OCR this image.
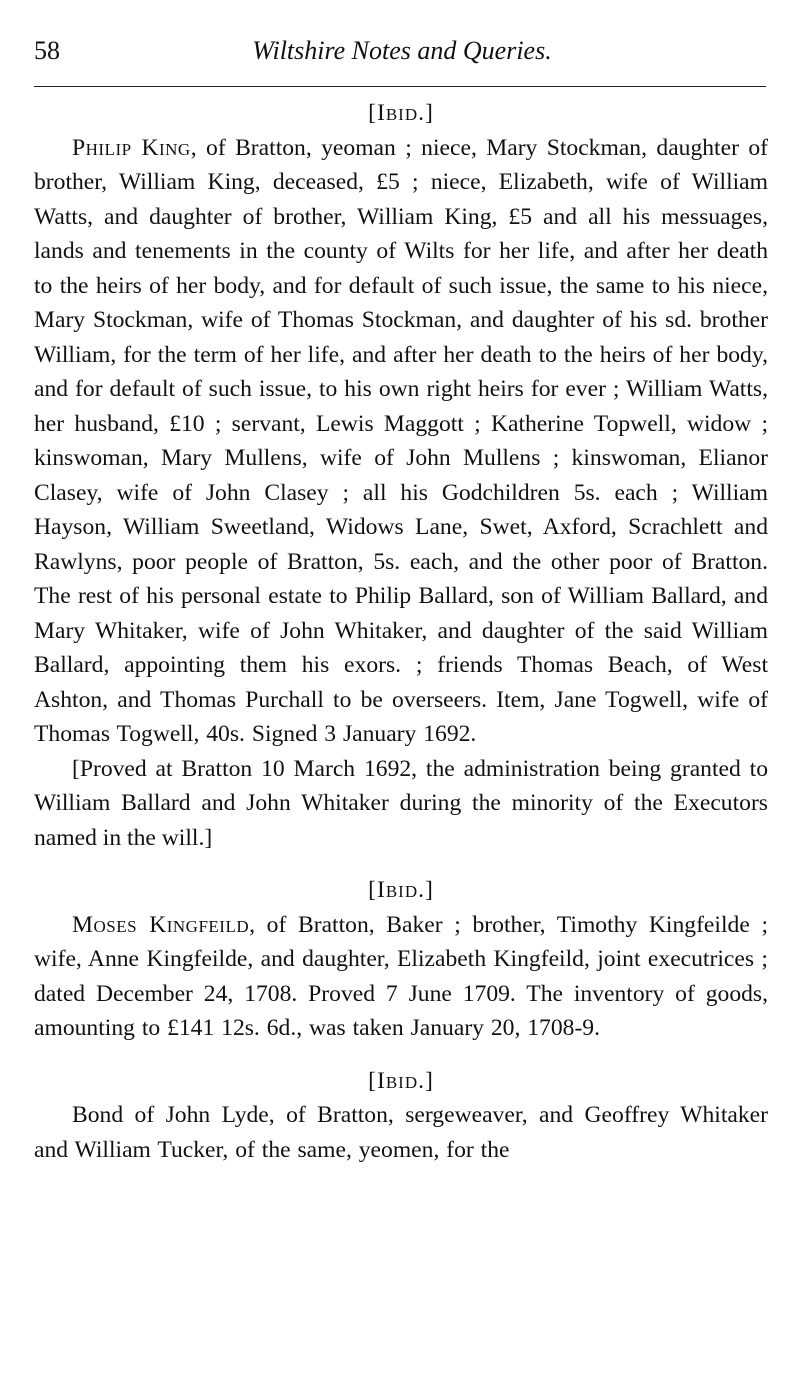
58	Wiltshire Notes and Queries.

[Ibid.]

Philip King, of Bratton, yeoman ; niece, Mary Stockman, daughter of brother, William King, deceased, £5 ; niece, Elizabeth, wife of William Watts, and daughter of brother, William King, £5 and all his messuages, lands and tenements in the county of Wilts for her life, and after her death to the heirs of her body, and for default of such issue, the same to his niece, Mary Stockman, wife of Thomas Stockman, and daughter of his sd. brother William, for the term of her life, and after her death to the heirs of her body, and for default of such issue, to his own right heirs for ever ; William Watts, her husband, £10 ; servant, Lewis Maggott ; Katherine Topwell, widow ; kinswoman, Mary Mullens, wife of John Mullens ; kinswoman, Elianor Clasey, wife of John Clasey ; all his Godchildren 5s. each ; William Hayson, William Sweetland, Widows Lane, Swet, Axford, Scrachlett and Rawlyns, poor people of Bratton, 5s. each, and the other poor of Bratton. The rest of his personal estate to Philip Ballard, son of William Ballard, and Mary Whitaker, wife of John Whitaker, and daughter of the said William Ballard, appointing them his exors. ; friends Thomas Beach, of West Ashton, and Thomas Purchall to be overseers. Item, Jane Togwell, wife of Thomas Togwell, 40s. Signed 3 January 1692.

[Proved at Bratton 10 March 1692, the administration being granted to William Ballard and John Whitaker during the minority of the Executors named in the will.]

[Ibid.]

Moses Kingfeild, of Bratton, Baker ; brother, Timothy Kingfeilde ; wife, Anne Kingfeilde, and daughter, Elizabeth Kingfeild, joint executrices ; dated December 24, 1708. Proved 7 June 1709. The inventory of goods, amounting to £141 12s. 6d., was taken January 20, 1708-9.

[Ibid.]

Bond of John Lyde, of Bratton, sergeweaver, and Geoffrey Whitaker and William Tucker, of the same, yeomen, for the
